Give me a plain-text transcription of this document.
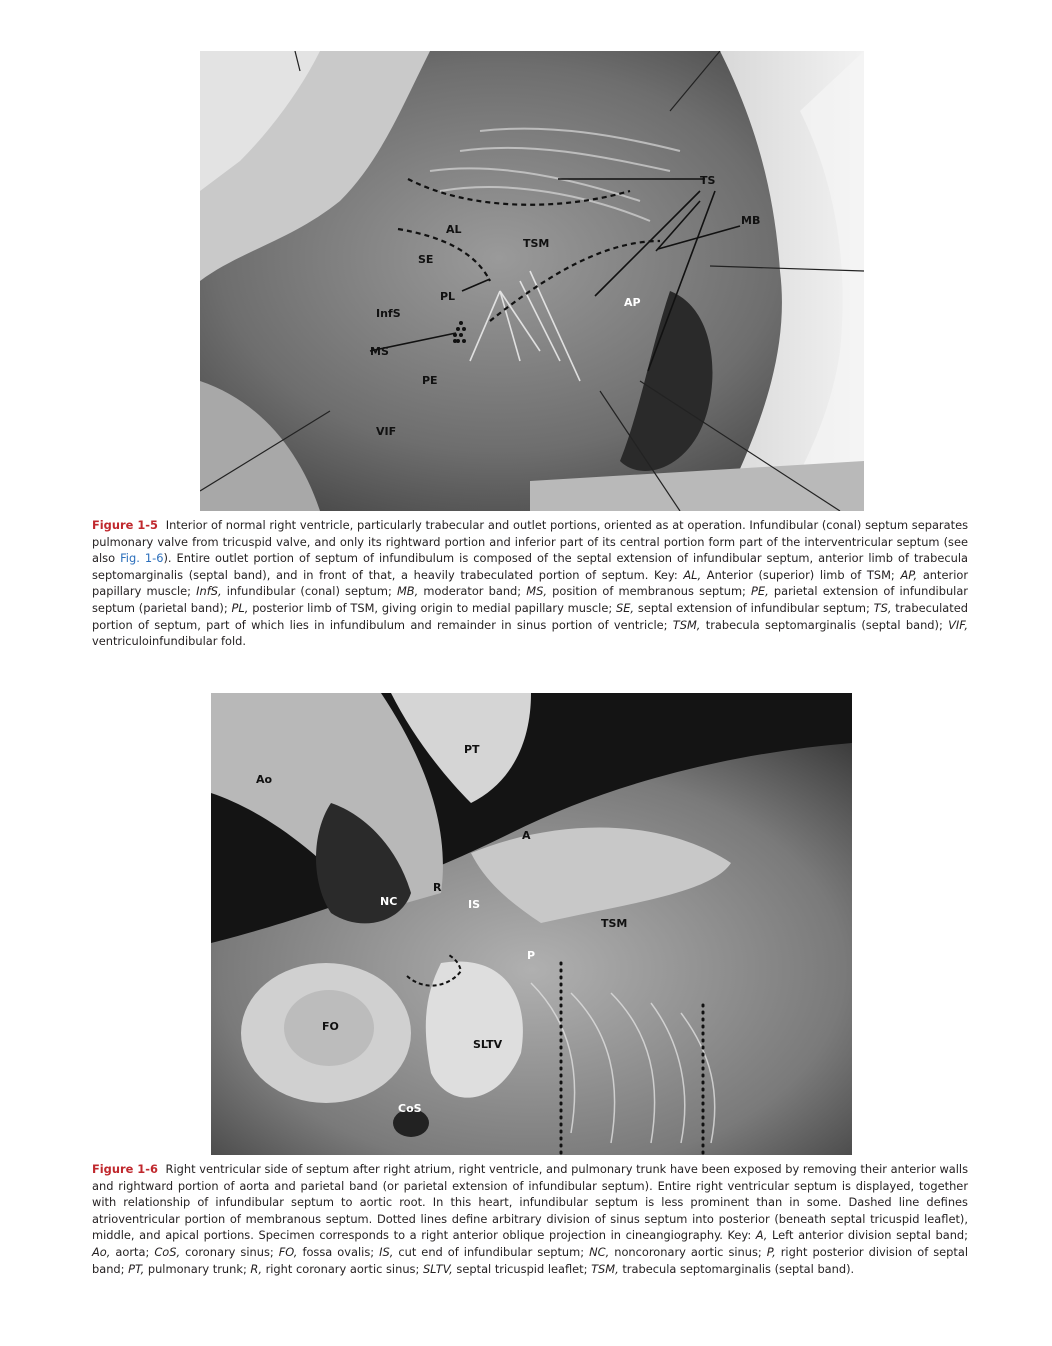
TS
MB
AL
TSM
SE
PL	AP
InfS
MS
PE
VIF

Figure 1-5 Interior of normal right ventricle, particularly trabecular and outlet portions, oriented as at operation. Infundibular (conal) septum separates pulmonary valve from tricuspid valve, and only its rightward portion and inferior part of its central portion form part of the interventricular septum (see also Fig. 1-6). Entire outlet portion of septum of infundibulum is composed of the septal extension of infundibular septum, anterior limb of trabecula septomarginalis (septal band), and in front of that, a heavily trabeculated portion of septum. Key: AL, Anterior (superior) limb of TSM; AP, anterior papillary muscle; InfS, infundibular (conal) septum; MB, moderator band; MS, position of membranous septum; PE, parietal extension of infundibular septum (parietal band); PL, posterior limb of TSM, giving origin to medial papillary muscle; SE, septal extension of infundibular septum; TS, trabeculated portion of septum, part of which lies in infundibulum and remainder in sinus portion of ventricle; TSM, trabecula septomarginalis (septal band); VIF, ventriculoinfundibular fold.

Ao
PT
A
NC
R
IS
TSM
P
FO
SLTV
CoS

Figure 1-6 Right ventricular side of septum after right atrium, right ventricle, and pulmonary trunk have been exposed by removing their anterior walls and rightward portion of aorta and parietal band (or parietal extension of infundibular septum). Entire right ventricular septum is displayed, together with relationship of infundibular septum to aortic root. In this heart, infundibular septum is less prominent than in some. Dashed line defines atrioventricular portion of membranous septum. Dotted lines define arbitrary division of sinus septum into posterior (beneath septal tricuspid leaflet), middle, and apical portions. Specimen corresponds to a right anterior oblique projection in cineangiography. Key: A, Left anterior division septal band; Ao, aorta; CoS, coronary sinus; FO, fossa ovalis; IS, cut end of infundibular septum; NC, noncoronary aortic sinus; P, right posterior division of septal band; PT, pulmonary trunk; R, right coronary aortic sinus; SLTV, septal tricuspid leaflet; TSM, trabecula septomarginalis (septal band).
